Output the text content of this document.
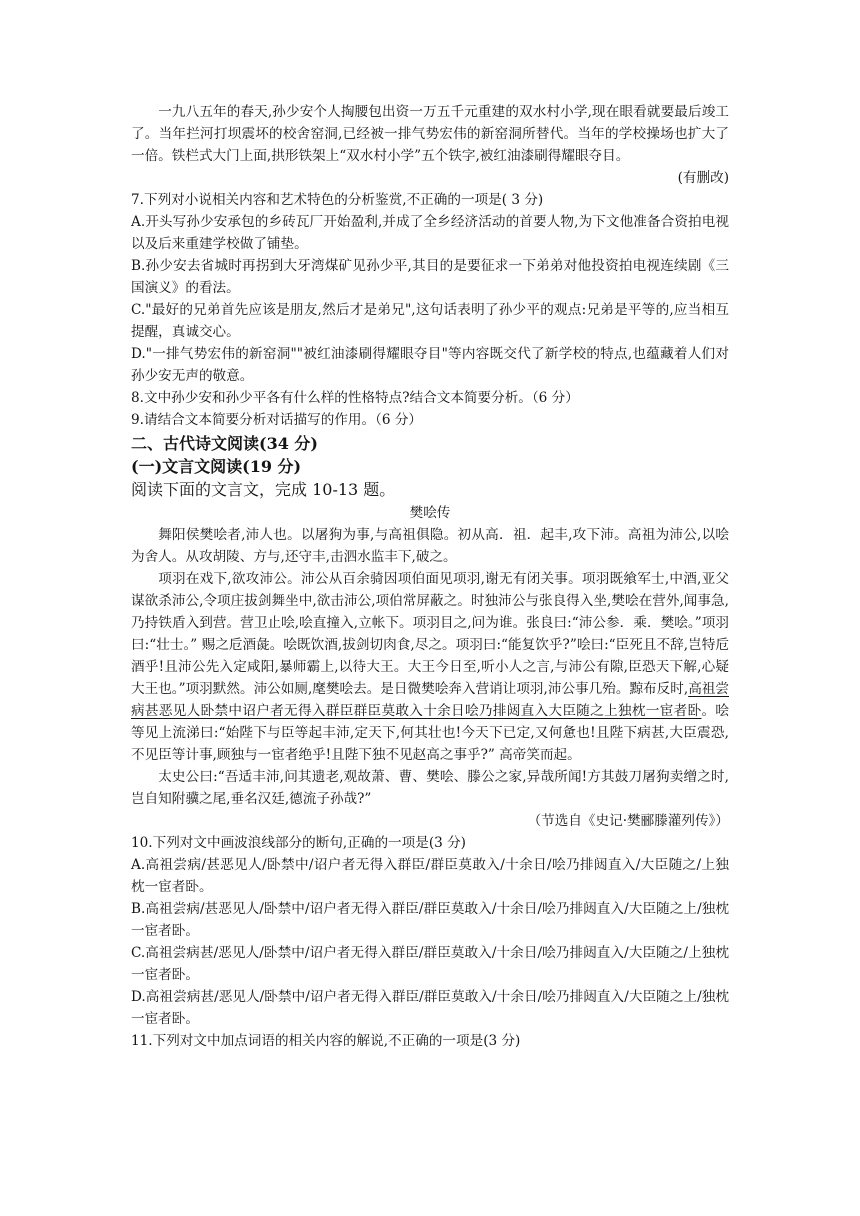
一九八五年的春天,孙少安个人掏腰包出资一万五千元重建的双水村小学,现在眼看就要最后竣工了。当年拦河打坝震坏的校舍窑洞,已经被一排气势宏伟的新窑洞所替代。当年的学校操场也扩大了一倍。铁栏式大门上面,拱形铁架上“双水村小学”五个铁字,被红油漆刷得耀眼夺目。

(有删改)

7.下列对小说相关内容和艺术特色的分析鉴赏,不正确的一项是( 3 分)

A.开头写孙少安承包的乡砖瓦厂开始盈利,并成了全乡经济活动的首要人物,为下文他准备合资拍电视以及后来重建学校做了铺垫。

B.孙少安去省城时再拐到大牙湾煤矿见孙少平,其目的是要征求一下弟弟对他投资拍电视连续剧《三国演义》的看法。

C."最好的兄弟首先应该是朋友,然后才是弟兄",这句话表明了孙少平的观点:兄弟是平等的,应当相互提醒，真诚交心。

D."一排气势宏伟的新窑洞""被红油漆刷得耀眼夺目"等内容既交代了新学校的特点,也蕴藏着人们对孙少安无声的敬意。

8.文中孙少安和孙少平各有什么样的性格特点?结合文本简要分析。（6 分）

9.请结合文本简要分析对话描写的作用。（6 分）

二、古代诗文阅读(34 分)

(一)文言文阅读(19 分)

阅读下面的文言文，完成 10-13 题。

樊哙传

舞阳侯樊哙者,沛人也。以屠狗为事,与高祖俱隐。初从高．祖．起丰,攻下沛。高祖为沛公,以哙为舍人。从攻胡陵、方与,还守丰,击泗水监丰下,破之。

项羽在戏下,欲攻沛公。沛公从百余骑因项伯面见项羽,谢无有闭关事。项羽既飨军士,中酒,亚父谋欲杀沛公,令项庄拔剑舞坐中,欲击沛公,项伯常屏蔽之。时独沛公与张良得入坐,樊哙在营外,闻事急,乃持铁盾入到营。营卫止哙,哙直撞入,立帐下。项羽目之,问为谁。张良曰:“沛公参．乘．樊哙。”项羽曰:“壮士。” 赐之卮酒彘。哙既饮酒,拔剑切肉食,尽之。项羽曰:“能复饮乎?”哙曰:“臣死且不辞,岂特卮酒乎!且沛公先入定咸阳,暴师霸上,以待大王。大王今日至,听小人之言,与沛公有隙,臣恐天下解,心疑大王也。”项羽默然。沛公如厕,麾樊哙去。是日微樊哙奔入营诮让项羽,沛公事几殆。黥布反时,高祖尝病甚恶见人卧禁中诏户者无得入群臣群臣莫敢入十余日哙乃排闼直入大臣随之上独枕一宦者卧。哙等见上流涕曰:“始陛下与臣等起丰沛,定天下,何其壮也!今天下已定,又何惫也!且陛下病甚,大臣震恐,不见臣等计事,顾独与一宦者绝乎!且陛下独不见赵高之事乎?” 高帝笑而起。

太史公曰:“吾适丰沛,问其遗老,观故萧、曹、樊哙、滕公之家,异哉所闻!方其鼓刀屠狗卖缯之时,岂自知附骥之尾,垂名汉廷,德流子孙哉?”

（节选自《史记·樊郦滕灌列传》）

10.下列对文中画波浪线部分的断句,正确的一项是(3 分)

A.高祖尝病/甚恶见人/卧禁中/诏户者无得入群臣/群臣莫敢入/十余日/哙乃排闼直入/大臣随之/上独 枕一宦者卧。

B.高祖尝病/甚恶见人/卧禁中/诏户者无得入群臣/群臣莫敢入/十余日/哙乃排闼直入/大臣随之上/独枕一宦者卧。

C.高祖尝病甚/恶见人/卧禁中/诏户者无得入群臣/群臣莫敢入/十余日/哙乃排闼直入/大臣随之/上独枕一宦者卧。

D.高祖尝病甚/恶见人/卧禁中/诏户者无得入群臣/群臣莫敢入/十余日/哙乃排闼直入/大臣随之上/独枕一宦者卧。

11.下列对文中加点词语的相关内容的解说,不正确的一项是(3 分)
